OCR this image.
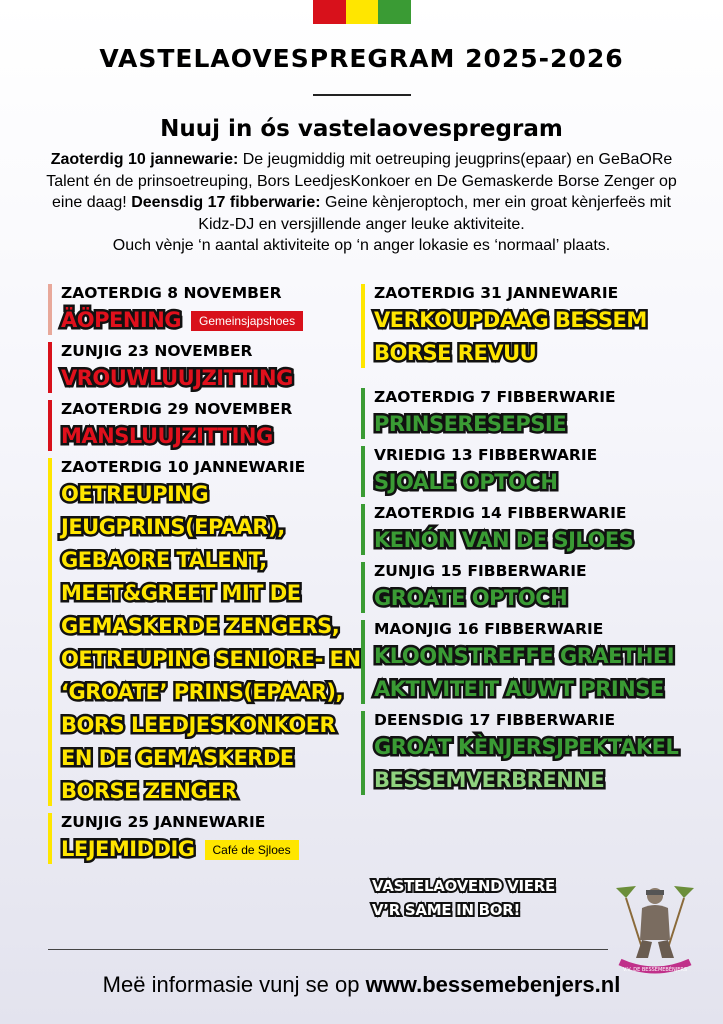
VASTELAOVESPREGRAM 2025-2026
Nuuj in ós vastelaovespregram
Zaoterdig 10 jannewarie: De jeugmiddig mit oetreuping jeugprins(epaar) en GeBaORe Talent én de prinsoetreuping, Bors LeedjesKonkoer en De Gemaskerde Borse Zenger op eine daag! Deensdig 17 fibberwarie: Geine kènjeroptoch, mer ein groat kènjerfeës mit Kidz-DJ en versjillende anger leuke aktiviteite.
Ouch vènje ‘n aantal aktiviteite op ‘n anger lokasie es ‘normaal’ plaats.
ZAOTERDIG 8 NOVEMBER
ÄÖPENING	Gemeinsjapshoes
ZUNJIG 23 NOVEMBER
VROUWLUUJZITTING
ZAOTERDIG 29 NOVEMBER
MANSLUUJZITTING
ZAOTERDIG 10 JANNEWARIE
OETREUPING
JEUGPRINS(EPAAR),
GEBAORE TALENT,
MEET&GREET MIT DE
GEMASKERDE ZENGERS,
OETREUPING SENIORE- EN
‘GROATE’ PRINS(EPAAR),
BORS LEEDJESKONKOER
EN DE GEMASKERDE
BORSE ZENGER
ZUNJIG 25 JANNEWARIE
LEJEMIDDIG	Café de Sjloes
ZAOTERDIG 31 JANNEWARIE
VERKOUPDAAG BESSEM
BORSE REVUU
ZAOTERDIG 7 FIBBERWARIE
PRINSERESEPSIE
VRIEDIG 13 FIBBERWARIE
SJOALE OPTOCH
ZAOTERDIG 14 FIBBERWARIE
KENÓN VAN DE SJLOES
ZUNJIG 15 FIBBERWARIE
GROATE OPTOCH
MAONJIG 16 FIBBERWARIE
KLOONSTREFFE GRAETHEI
AKTIVITEIT AUWT PRINSE
DEENSDIG 17 FIBBERWARIE
GROAT KÈNJERSJPEKTAKEL
BESSEMVERBRENNE
VASTELAOVEND VIERE
V’R SAME IN BOR!
V.V. DE BESSEMEBÈNJERS
Meë informasie vunj se op www.bessemebenjers.nl
